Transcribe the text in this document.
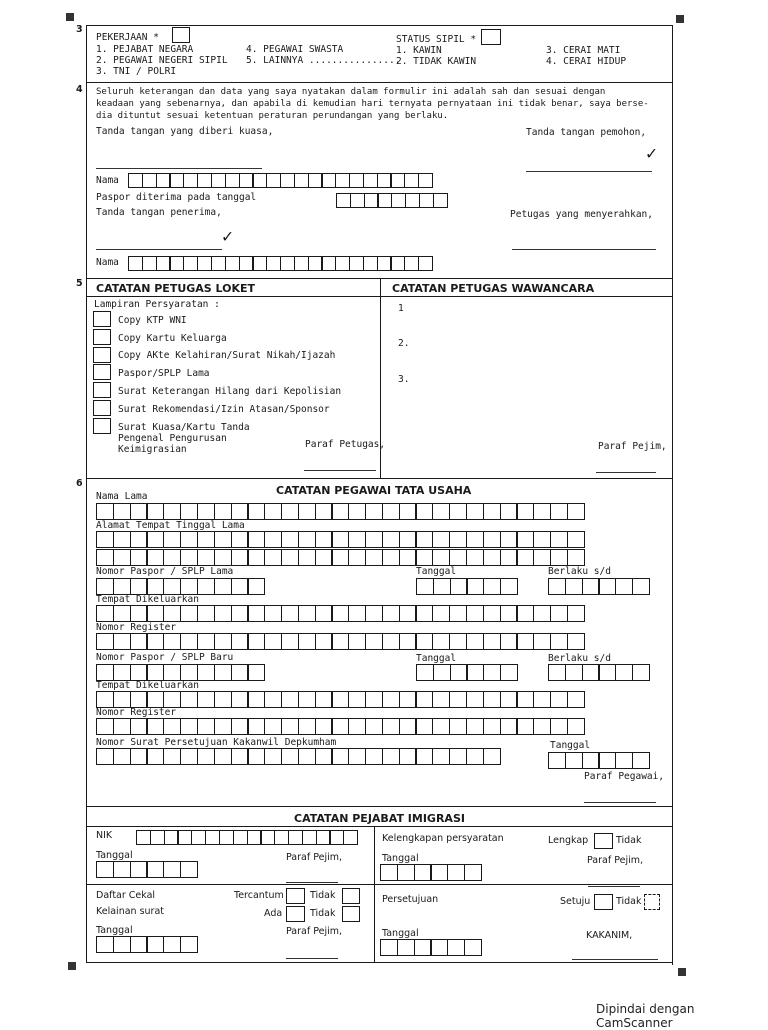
3
PEKERJAAN *
1. PEJABAT NEGARA	4. PEGAWAI SWASTA
2. PEGAWAI NEGERI SIPIL 5. LAINNYA ................
3. TNI / POLRI
STATUS SIPIL *
1. KAWIN	3. CERAI MATI
2. TIDAK KAWIN	4. CERAI HIDUP
4 Seluruh keterangan dan data yang saya nyatakan dalam formulir ini adalah sah dan sesuai dengan
keadaan yang sebenarnya, dan apabila di kemudian hari ternyata pernyataan ini tidak benar, saya berse-
dia dituntut sesuai ketentuan peraturan perundangan yang berlaku.
Tanda tangan yang diberi kuasa,	Tanda tangan pemohon,
✓
Nama
Paspor diterima pada tanggal
Tanda tangan penerima,	Petugas yang menyerahkan,
✓
Nama
5 CATATAN PETUGAS LOKET	CATATAN PETUGAS WAWANCARA
Lampiran Persyaratan :
Copy KTP WNI
Copy Kartu Keluarga
Copy AKte Kelahiran/Surat Nikah/Ijazah
Paspor/SPLP Lama
Surat Keterangan Hilang dari Kepolisian
Surat Rekomendasi/Izin Atasan/Sponsor
Surat Kuasa/Kartu Tanda
Pengenal Pengurusan
Keimigrasian	Paraf Petugas,
1
2.
3.
Paraf Pejim,
6
CATATAN PEGAWAI TATA USAHA
Nama Lama
Alamat Tempat Tinggal Lama
Nomor Paspor / SPLP Lama	Tanggal	Berlaku s/d
Tempat Dikeluarkan
Nomor Register
Nomor Paspor / SPLP Baru	Tanggal	Berlaku s/d
Tempat Dikeluarkan
Nomor Register
Nomor Surat Persetujuan Kakanwil Depkumham	Tanggal
Paraf Pegawai,
CATATAN PEJABAT IMIGRASI
NIK
Tanggal	Paraf Pejim,
Kelengkapan persyaratan	Lengkap	Tidak
Tanggal	Paraf Pejim,
Daftar Cekal	Tercantum	Tidak
Kelainan surat	Ada	Tidak
Tanggal	Paraf Pejim,
Persetujuan	Setuju	Tidak
Tanggal	KAKANIM,
Dipindai dengan CamScanner
